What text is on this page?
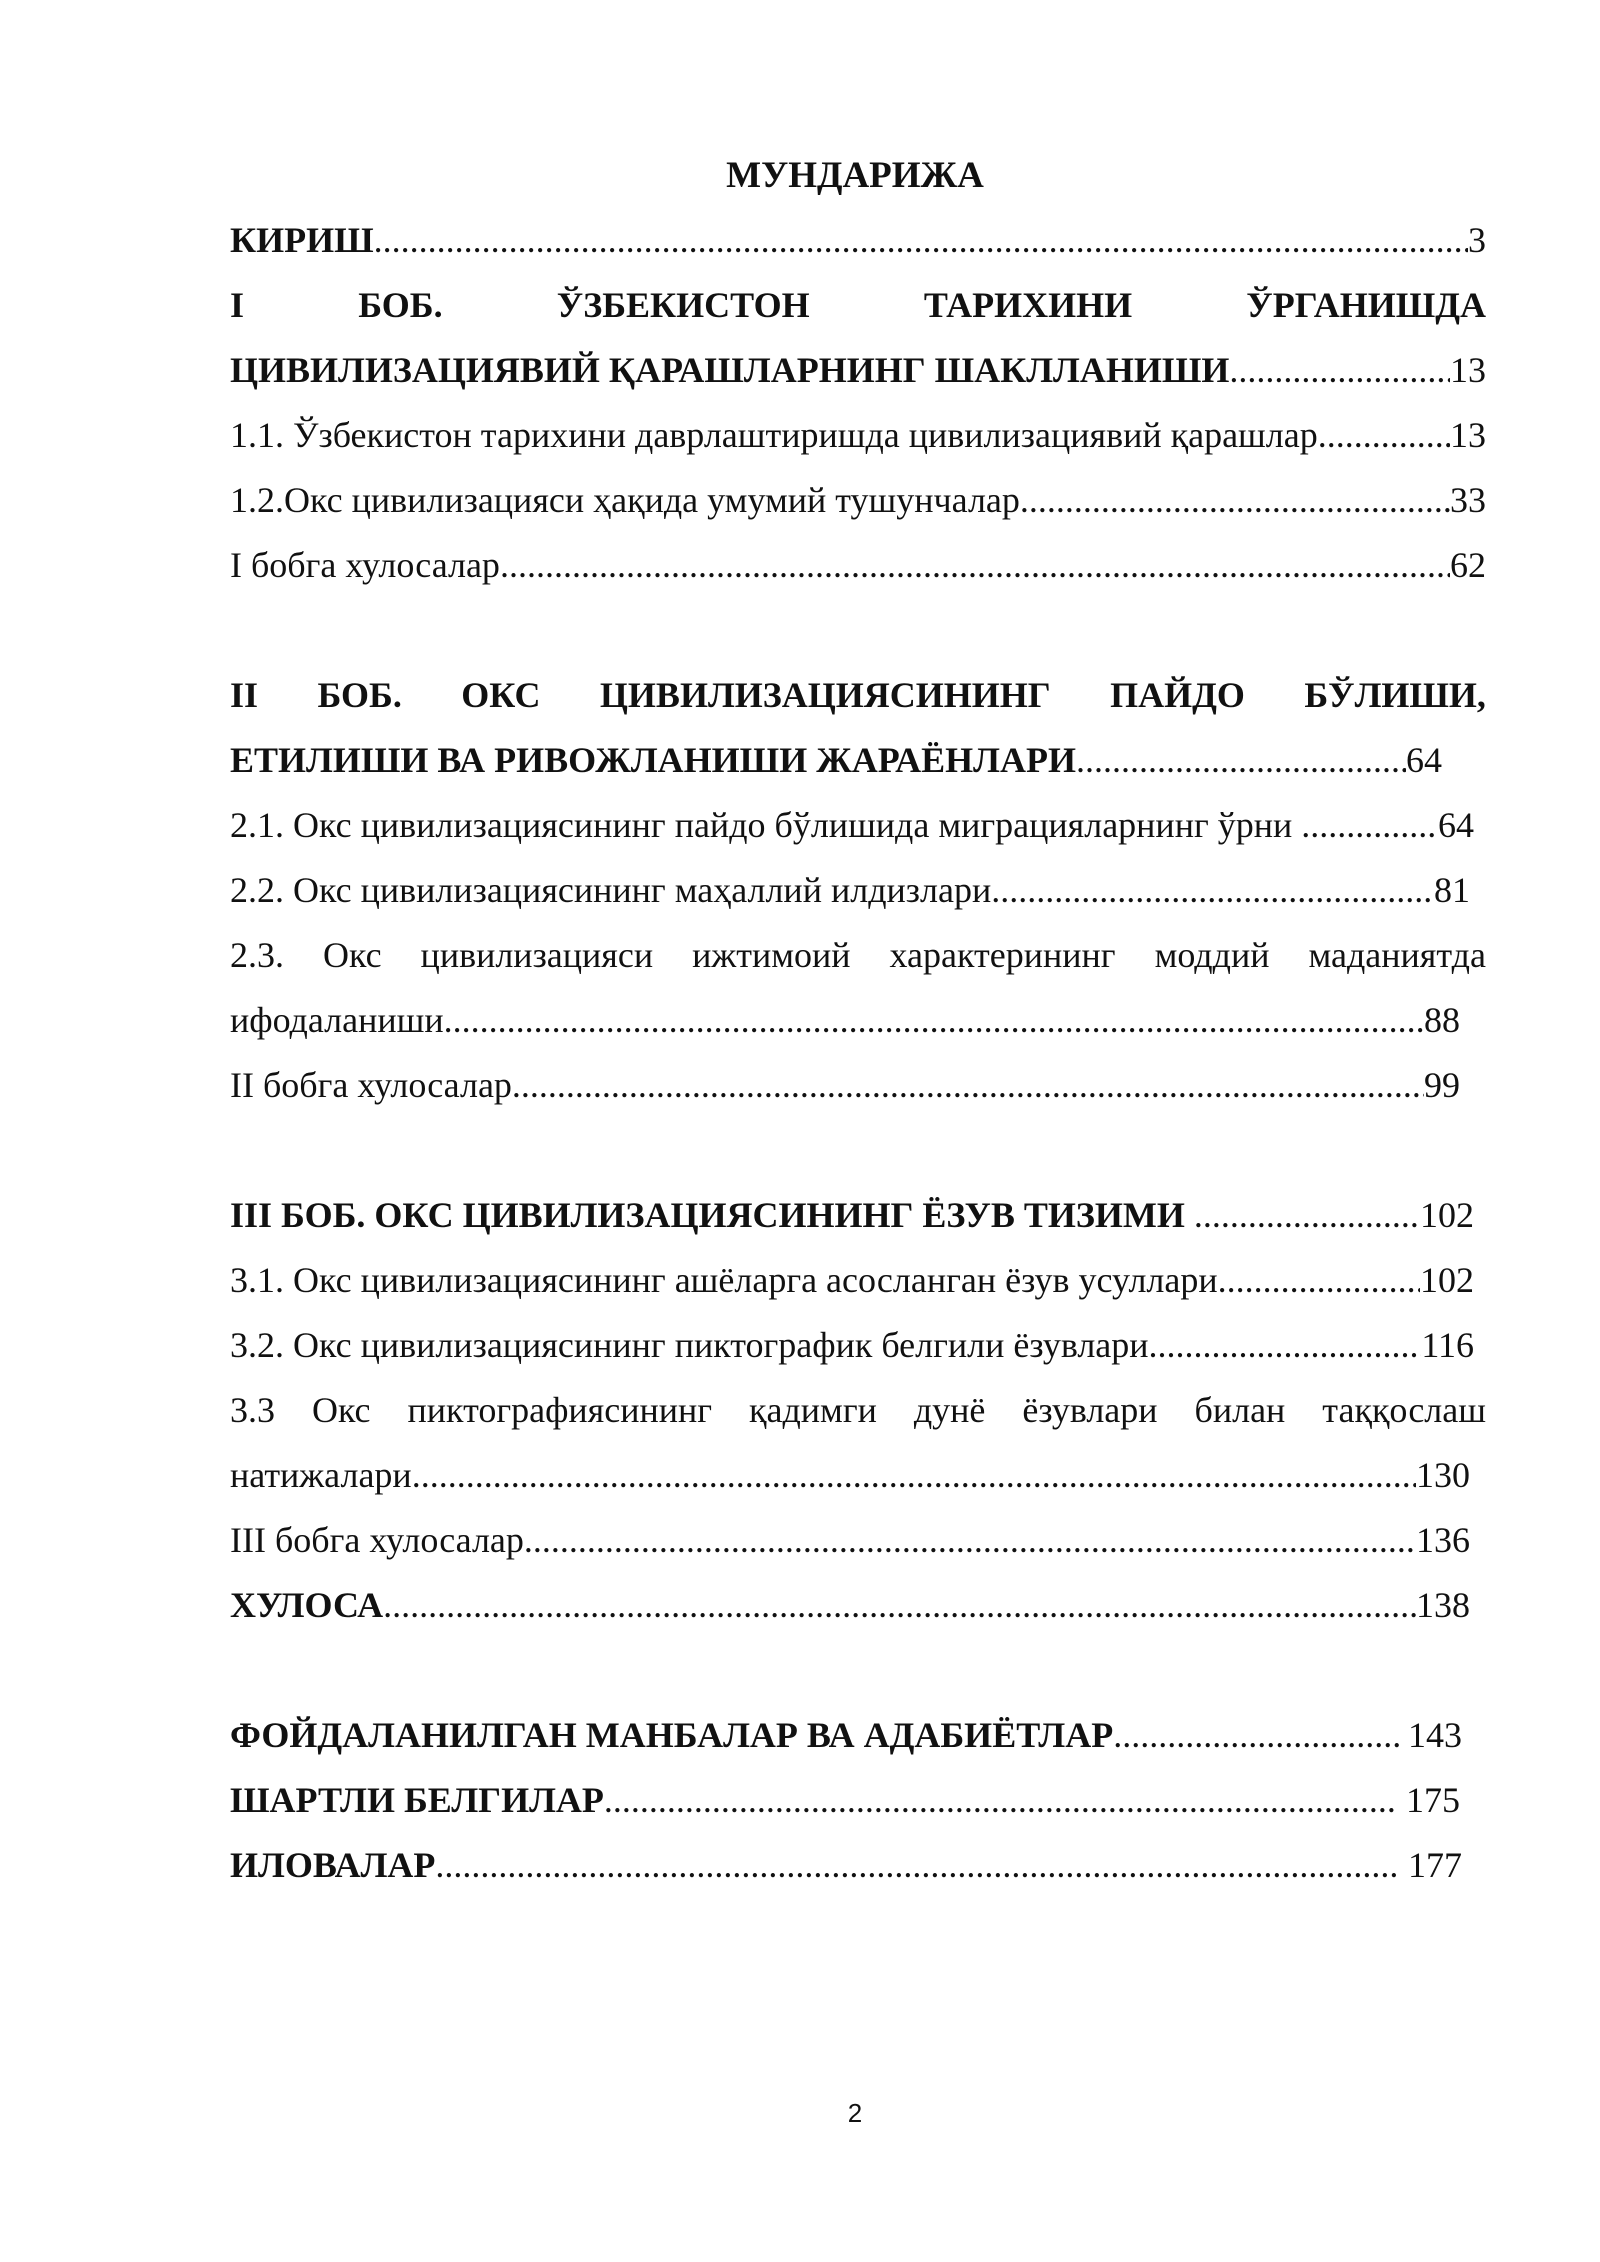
МУНДАРИЖА
КИРИШ .....	3
I	БОБ.	ЎЗБЕКИСТОН	ТАРИХИНИ	ЎРГАНИШДА
ЦИВИЛИЗАЦИЯВИЙ ҚАРАШЛАРНИНГ ШАКЛЛАНИШИ .....	13
1.1. Ўзбекистон тарихини даврлаштиришда цивилизациявий қарашлар .....	13
1.2.Окс цивилизацияси ҳақида умумий тушунчалар .....	33
I бобга хулосалар .....	62
II БОБ. ОКС ЦИВИЛИЗАЦИЯСИНИНГ ПАЙДО БЎЛИШИ,
ЕТИЛИШИ ВА РИВОЖЛАНИШИ ЖАРАЁНЛАРИ .....	64
2.1. Окс цивилизациясининг пайдо бўлишида миграцияларнинг ўрни .....	64
2.2. Окс цивилизациясининг маҳаллий илдизлари .....	81
2.3. Окс цивилизацияси ижтимоий характерининг моддий маданиятда
ифодаланиши .....	88
II бобга хулосалар .....	99
III БОБ. ОКС ЦИВИЛИЗАЦИЯСИНИНГ ЁЗУВ ТИЗИМИ .....	102
3.1. Окс цивилизациясининг ашёларга асосланган ёзув усуллари .....	102
3.2. Окс цивилизациясининг пиктографик белгили ёзувлари .....	116
3.3 Окс пиктографиясининг қадимги дунё ёзувлари билан таққослаш
натижалари .....	130
III бобга хулосалар .....	136
ХУЛОСА .....	138
ФОЙДАЛАНИЛГАН МАНБАЛАР ВА АДАБИЁТЛАР .....	143
ШАРТЛИ БЕЛГИЛАР .....	175
ИЛОВАЛАР .....	177
2
